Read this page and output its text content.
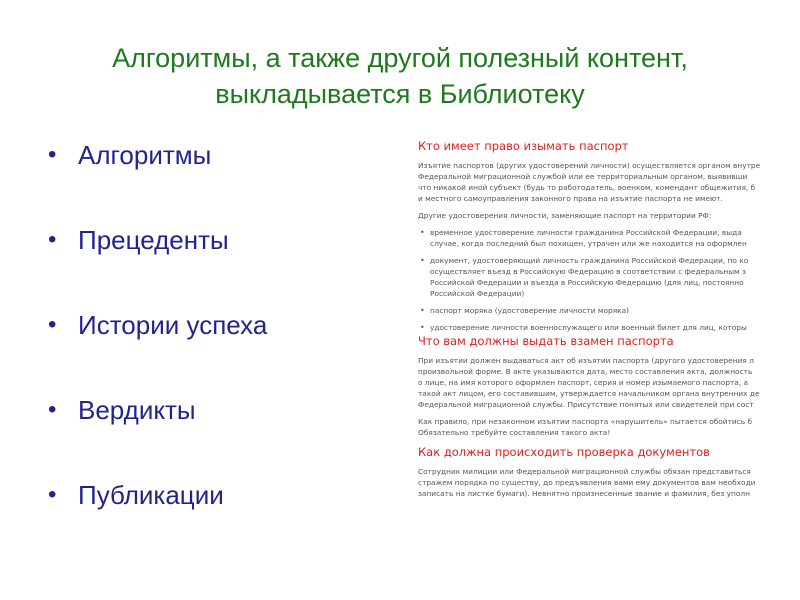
Алгоритмы, а также другой полезный контент,
выкладывается в Библиотеку
• Алгоритмы
• Прецеденты
• Истории успеха
• Вердикты
• Публикации
Кто имеет право изымать паспорт

Изъятие паспортов (других удостоверений личности) осуществляется органом внутре

Федеральной миграционной службой или ее территориальным органом, выявивши

что никакой иной субъект (будь то работодатель, военком, комендант общежития, б

и местного самоуправления законного права на изъятие паспорта не имеют.

Другие удостоверения личности, заменяющие паспорт на территории РФ:

• временное удостоверение личности гражданина Российской Федерации, выда

случае, когда последний был похищен, утрачен или же находится на оформлен

• документ, удостоверяющий личность гражданина Российской Федерации, по ко

осуществляет въезд в Российскую Федерацию в соответствии с федеральным з

Российской Федерации и въезда в Российскую Федерацию (для лиц, постоянно

Российской Федерации)

• паспорт моряка (удостоверение личности моряка)

• удостоверение личности военнослужащего или военный билет для лиц, которы

Что вам должны выдать взамен паспорта

При изъятии должен выдаваться акт об изъятии паспорта (другого удостоверения л

произвольной форме. В акте указываются дата, место составления акта, должность

о лице, на имя которого оформлен паспорт, серия и номер изымаемого паспорта, а

такой акт лицом, его составившим, утверждается начальником органа внутренних де

Федеральной миграционной службы. Присутствие понятых или свидетелей при сост

Как правило, при незаконном изъятии паспорта «нарушитель» пытается обойтись б

Обязательно требуйте составления такого акта!

Как должна происходить проверка документов

Сотрудник милиции или Федеральной миграционной службы обязан представиться

стражем порядка по существу, до предъявления вами ему документов вам необходи

записать на листке бумаги). Невнятно произнесенные звание и фамилия, без уполн
